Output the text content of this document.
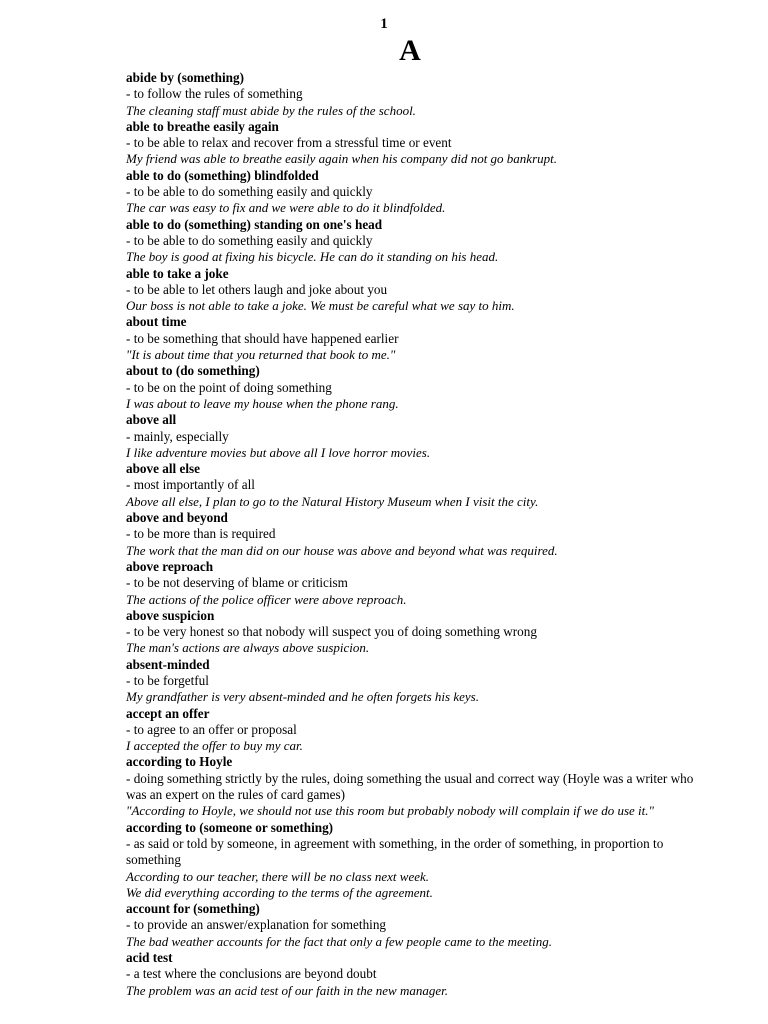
1
A
abide by (something)
- to follow the rules of something
The cleaning staff must abide by the rules of the school.
able to breathe easily again
- to be able to relax and recover from a stressful time or event
My friend was able to breathe easily again when his company did not go bankrupt.
able to do (something) blindfolded
- to be able to do something easily and quickly
The car was easy to fix and we were able to do it blindfolded.
able to do (something) standing on one's head
- to be able to do something easily and quickly
The boy is good at fixing his bicycle. He can do it standing on his head.
able to take a joke
- to be able to let others laugh and joke about you
Our boss is not able to take a joke. We must be careful what we say to him.
about time
- to be something that should have happened earlier
"It is about time that you returned that book to me."
about to (do something)
- to be on the point of doing something
I was about to leave my house when the phone rang.
above all
- mainly, especially
I like adventure movies but above all I love horror movies.
above all else
- most importantly of all
Above all else, I plan to go to the Natural History Museum when I visit the city.
above and beyond
- to be more than is required
The work that the man did on our house was above and beyond what was required.
above reproach
- to be not deserving of blame or criticism
The actions of the police officer were above reproach.
above suspicion
- to be very honest so that nobody will suspect you of doing something wrong
The man's actions are always above suspicion.
absent-minded
- to be forgetful
My grandfather is very absent-minded and he often forgets his keys.
accept an offer
- to agree to an offer or proposal
I accepted the offer to buy my car.
according to Hoyle
- doing something strictly by the rules, doing something the usual and correct way (Hoyle was a writer who was an expert on the rules of card games)
"According to Hoyle, we should not use this room but probably nobody will complain if we do use it."
according to (someone or something)
- as said or told by someone, in agreement with something, in the order of something, in proportion to something
According to our teacher, there will be no class next week.
We did everything according to the terms of the agreement.
account for (something)
- to provide an answer/explanation for something
The bad weather accounts for the fact that only a few people came to the meeting.
acid test
- a test where the conclusions are beyond doubt
The problem was an acid test of our faith in the new manager.
